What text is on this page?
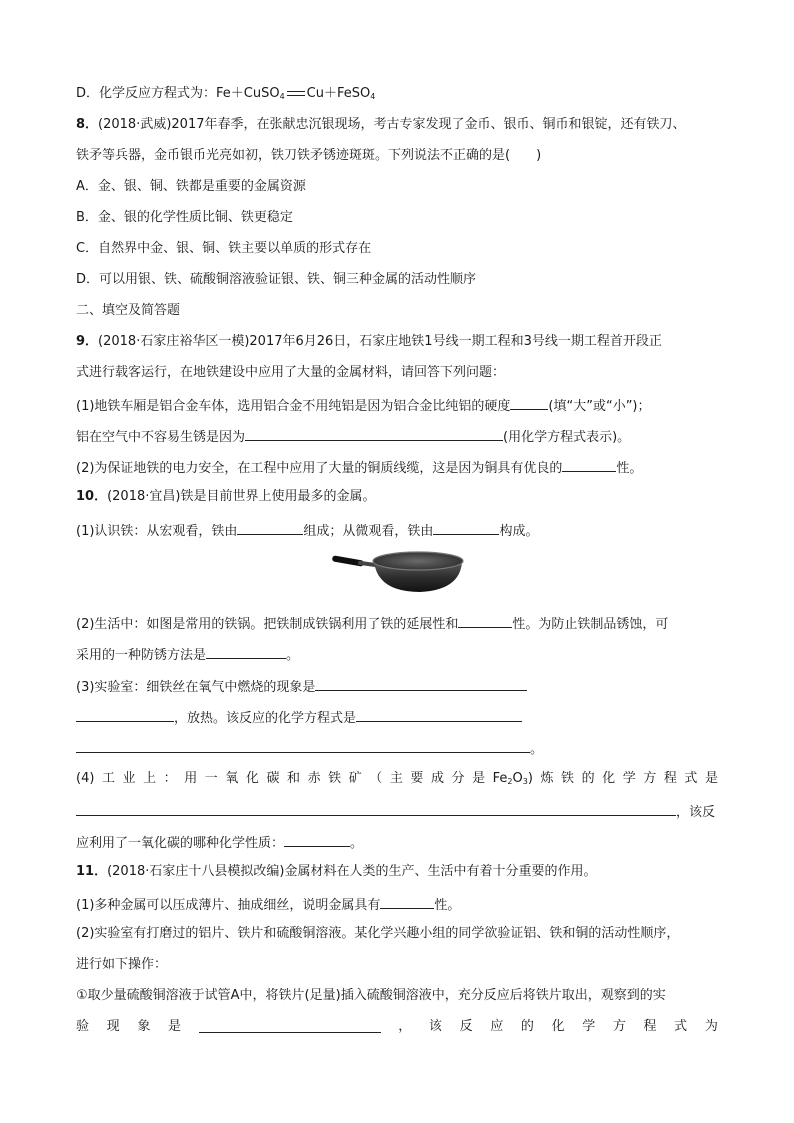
D．化学反应方程式为：Fe＋CuSO$_4$ Cu＋FeSO$_4$
8．(2018·武威)2017年春季，在张献忠沉银现场，考古专家发现了金币、银币、铜币和银锭，还有铁刀、
铁矛等兵器，金币银币光亮如初，铁刀铁矛锈迹斑斑。下列说法不正确的是(　　)
A．金、银、铜、铁都是重要的金属资源
B．金、银的化学性质比铜、铁更稳定
C．自然界中金、银、铜、铁主要以单质的形式存在
D．可以用银、铁、硫酸铜溶液验证银、铁、铜三种金属的活动性顺序
二、填空及简答题
9．(2018·石家庄裕华区一模)2017年6月26日，石家庄地铁1号线一期工程和3号线一期工程首开段正
式进行载客运行，在地铁建设中应用了大量的金属材料，请回答下列问题：
(1)地铁车厢是铝合金车体，选用铝合金不用纯铝是因为铝合金比纯铝的硬度	(填“大”或“小”)；
铝在空气中不容易生锈是因为	(用化学方程式表示)。
(2)为保证地铁的电力安全，在工程中应用了大量的铜质线缆，这是因为铜具有优良的	性。
10．(2018·宜昌)铁是目前世界上使用最多的金属。
(1)认识铁：从宏观看，铁由	组成；从微观看，铁由	构成。
(2)生活中：如图是常用的铁锅。把铁制成铁锅利用了铁的延展性和	性。为防止铁制品锈蚀，可
采用的一种防锈方法是	。
(3)实验室：细铁丝在氧气中燃烧的现象是
，放热。该反应的化学方程式是
。
(4) 工 业 上 ： 用 一 氧 化 碳 和 赤 铁 矿 （ 主 要 成 分 是 $Fe_2O_3$) 炼 铁 的 化 学 方 程 式 是
，该反
应利用了一氧化碳的哪种化学性质：	。
11．(2018·石家庄十八县模拟改编)金属材料在人类的生产、生活中有着十分重要的作用。
(1)多种金属可以压成薄片、抽成细丝，说明金属具有	性。
(2)实验室有打磨过的铝片、铁片和硫酸铜溶液。某化学兴趣小组的同学欲验证铝、铁和铜的活动性顺序，
进行如下操作：
①取少量硫酸铜溶液于试管A中，将铁片(足量)插入硫酸铜溶液中，充分反应后将铁片取出，观察到的实
验 现 象 是	， 该 反 应 的 化 学 方 程 式 为
